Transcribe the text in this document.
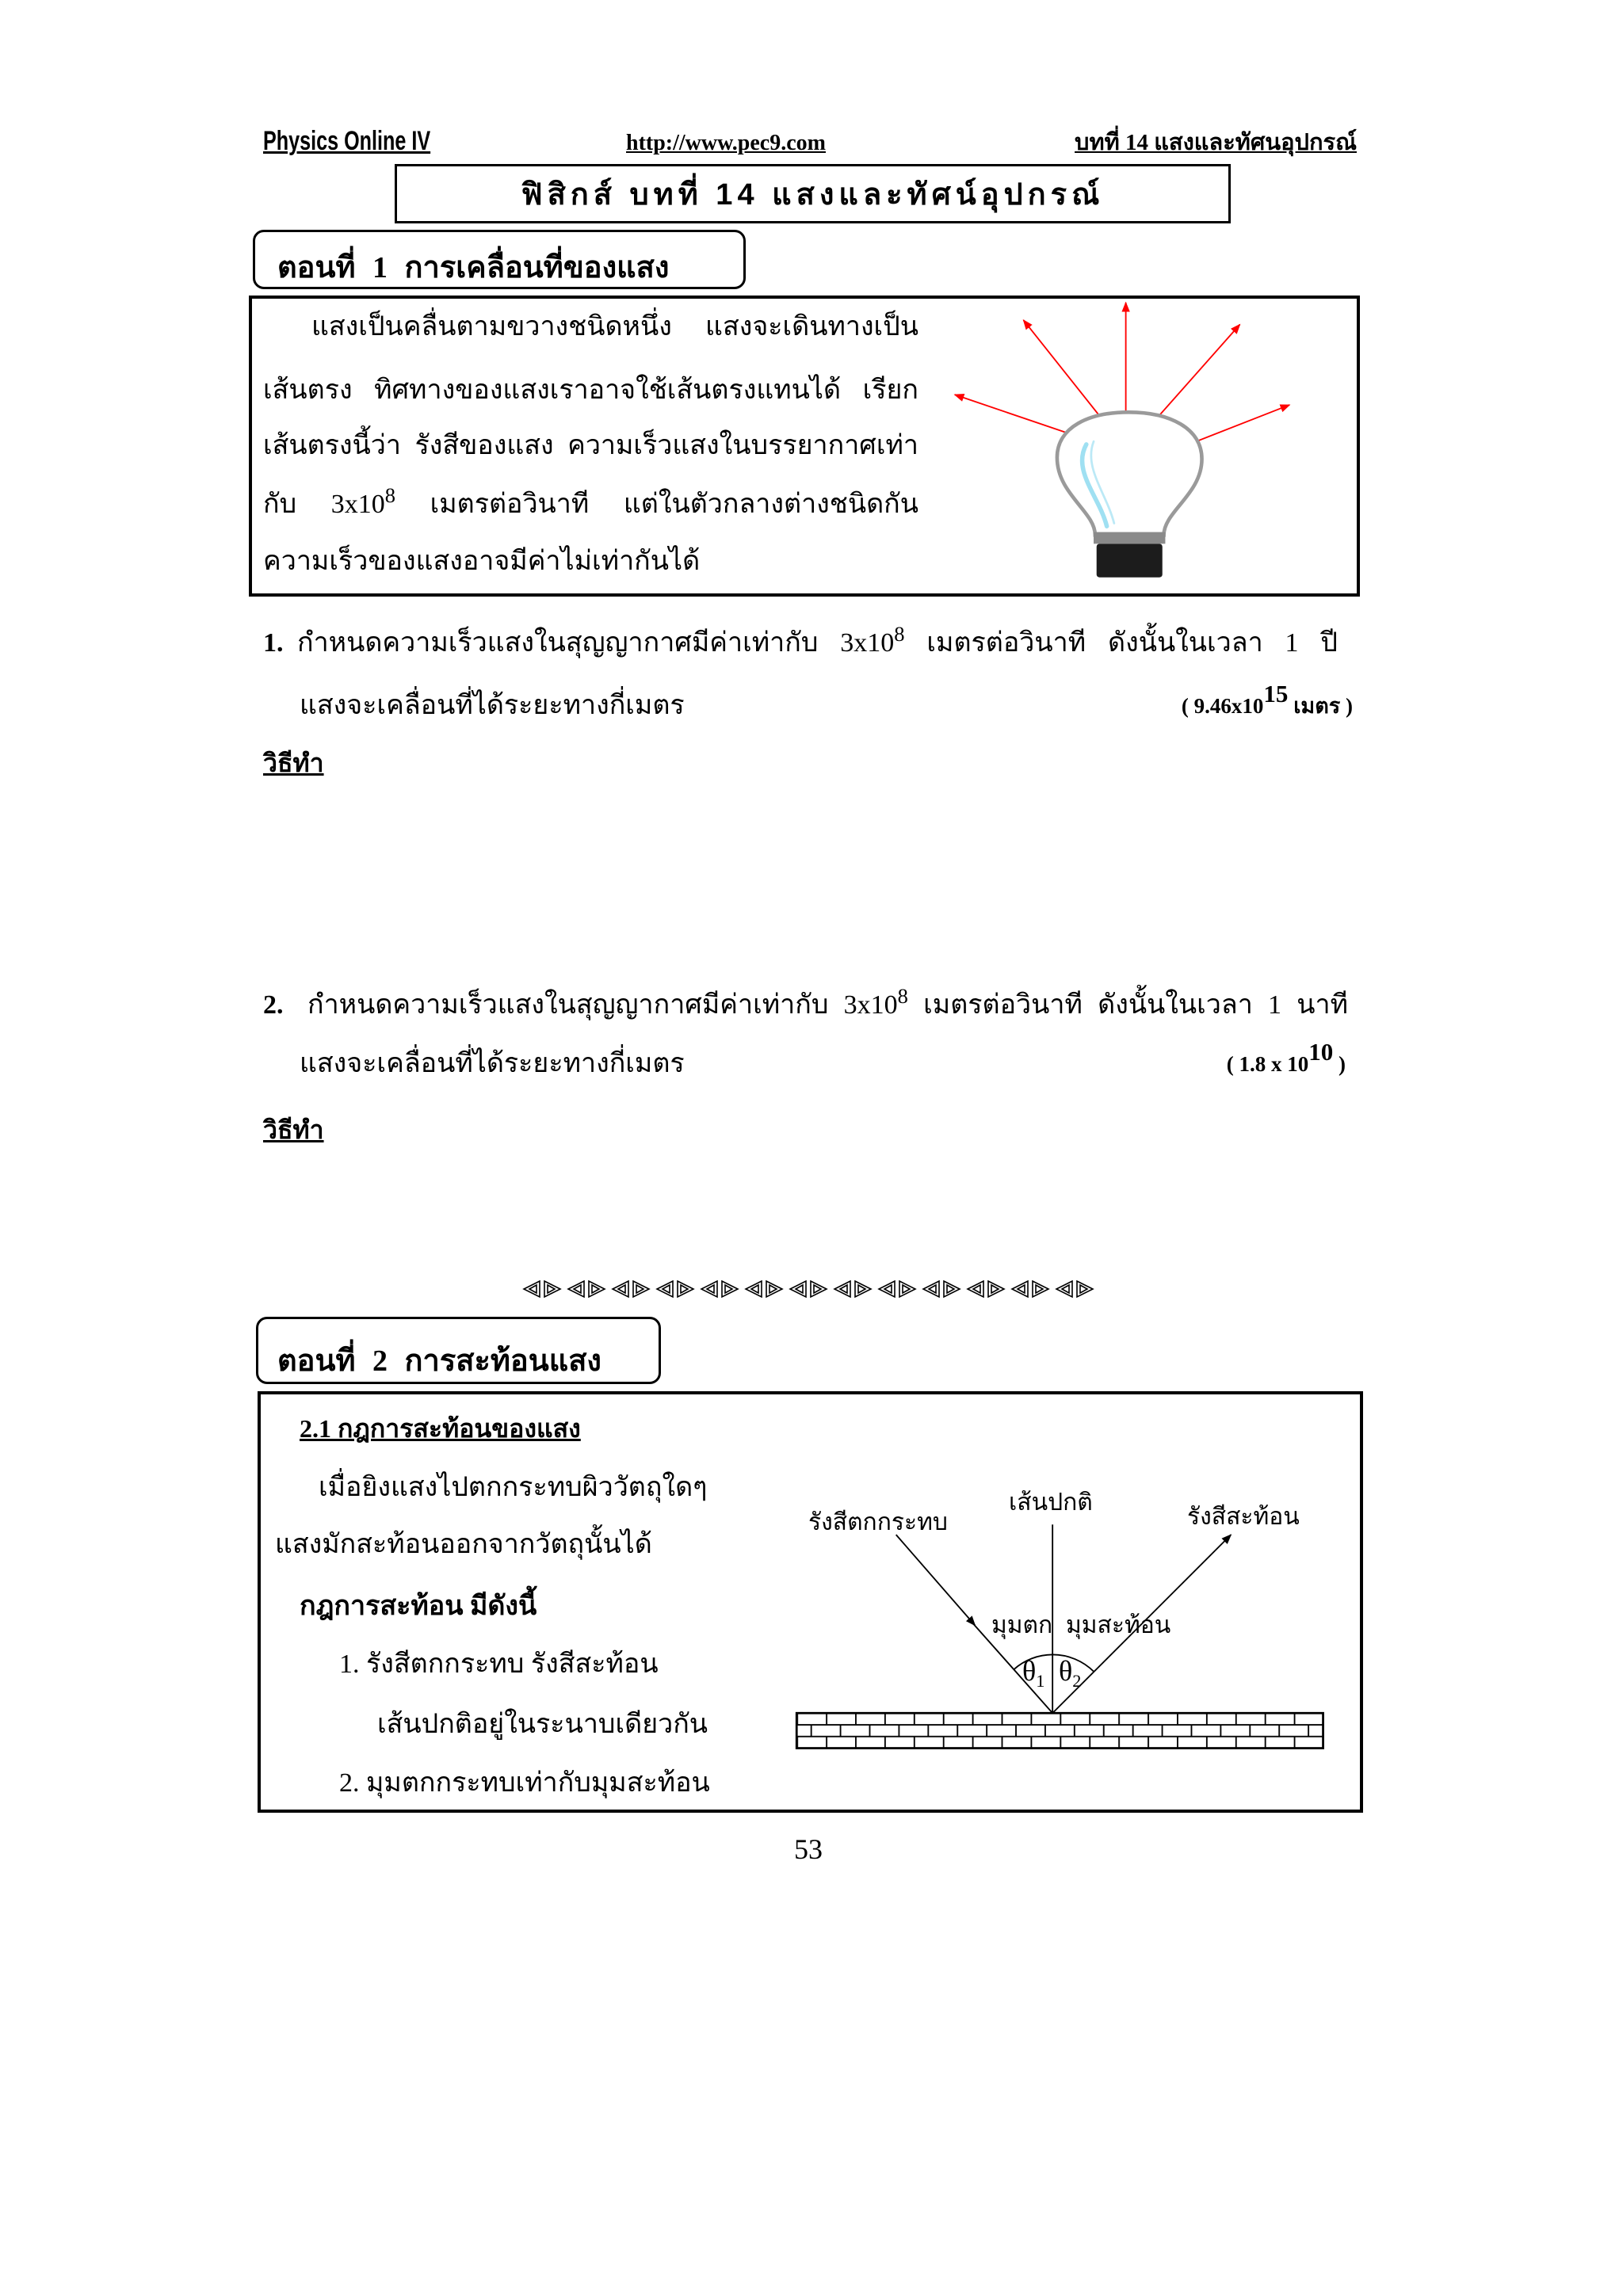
Physics Online IV	http://www.pec9.com	บทที่ 14 แสงและทัศนอุปกรณ์
ฟิสิกส์ บทที่ 14 แสงและทัศน์อุปกรณ์
ตอนที่ 1 การเคลื่อนที่ของแสง
แสงเป็นคลื่นตามขวางชนิดหนึ่ง แสงจะเดินทางเป็น
เส้นตรง ทิศทางของแสงเราอาจใช้เส้นตรงแทนได้ เรียก
เส้นตรงนี้ว่า รังสีของแสง ความเร็วแสงในบรรยากาศเท่า
กับ $3x10^8$ เมตรต่อวินาที แต่ในตัวกลางต่างชนิดกัน
ความเร็วของแสงอาจมีค่าไม่เท่ากันได้
1. กำหนดความเร็วแสงในสุญญากาศมีค่าเท่ากับ $3x10^8$ เมตรต่อวินาที ดังนั้นในเวลา 1 ปี
แสงจะเคลื่อนที่ได้ระยะทางกี่เมตร	( 9.46x1015 เมตร )
วิธีทำ
2. กำหนดความเร็วแสงในสุญญากาศมีค่าเท่ากับ $3x10^8$ เมตรต่อวินาที ดังนั้นในเวลา 1 นาที
แสงจะเคลื่อนที่ได้ระยะทางกี่เมตร	( 1.8 x 1010 )
วิธีทำ
ตอนที่ 2 การสะท้อนแสง
2.1 กฎการสะท้อนของแสง
เมื่อยิงแสงไปตกกระทบผิววัตถุใดๆ
แสงมักสะท้อนออกจากวัตถุนั้นได้
กฎการสะท้อน มีดังนี้
1. รังสีตกกระทบ รังสีสะท้อน
เส้นปกติอยู่ในระนาบเดียวกัน
2. มุมตกกระทบเท่ากับมุมสะท้อน
รังสีตกกระทบ
เส้นปกติ
รังสีสะท้อน
มุมตก มุมสะท้อน
$\theta_1$ $\theta_2$
53
